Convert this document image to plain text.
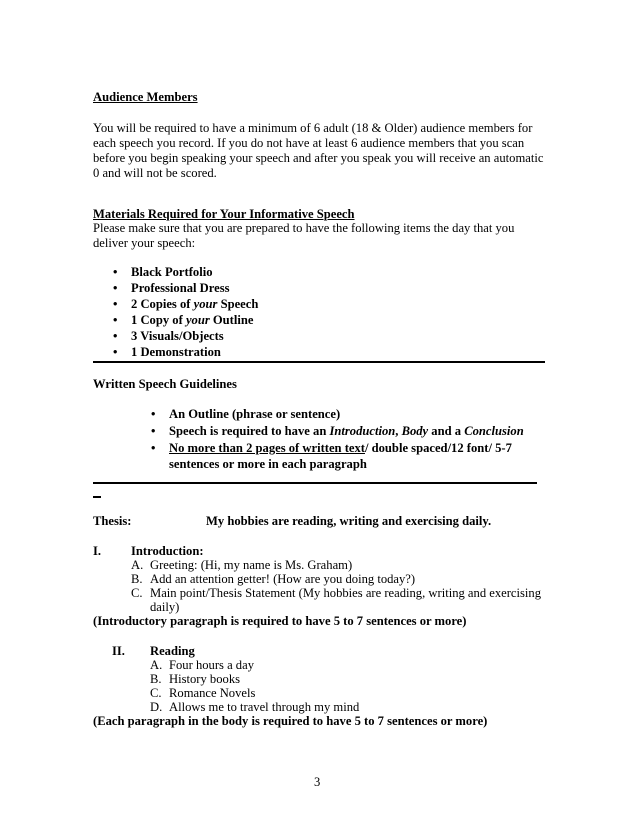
Audience Members
You will be required to have a minimum of 6 adult (18 & Older) audience members for
each speech you record. If you do not have at least 6 audience members that you scan
before you begin speaking your speech and after you speak you will receive an automatic
0 and will not be scored.
Materials Required for Your Informative Speech
Please make sure that you are prepared to have the following items the day that you
deliver your speech:
• Black Portfolio
• Professional Dress
• 2 Copies of your Speech
• 1 Copy of your Outline
• 3 Visuals/Objects
• 1 Demonstration
Written Speech Guidelines
• An Outline (phrase or sentence)
• Speech is required to have an Introduction, Body and a Conclusion
• No more than 2 pages of written text/ double spaced/12 font/ 5-7
sentences or more in each paragraph
Thesis:	My hobbies are reading, writing and exercising daily.
I. Introduction:
A. Greeting: (Hi, my name is Ms. Graham)
B. Add an attention getter! (How are you doing today?)
C. Main point/Thesis Statement (My hobbies are reading, writing and exercising
daily)
(Introductory paragraph is required to have 5 to 7 sentences or more)
II. Reading
A. Four hours a day
B. History books
C. Romance Novels
D. Allows me to travel through my mind
(Each paragraph in the body is required to have 5 to 7 sentences or more)
3
